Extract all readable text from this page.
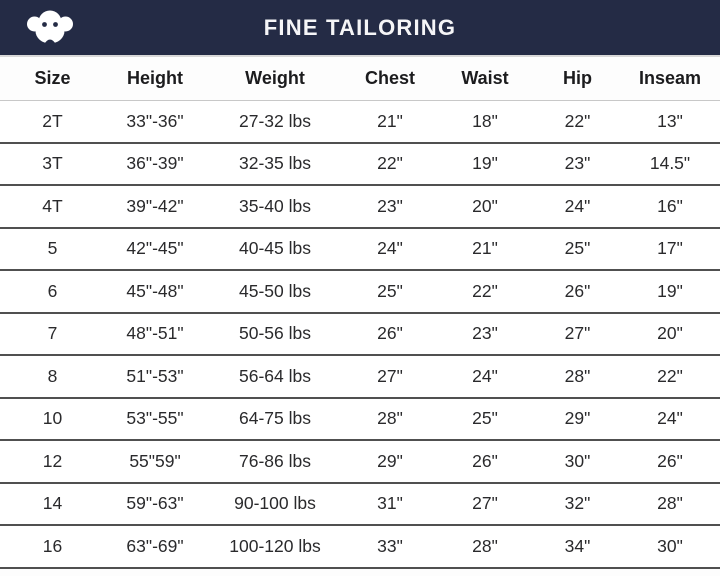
FINE TAILORING
Size	Height	Weight	Chest	Waist	Hip	Inseam
2T	33"-36"	27-32 lbs	21"	18"	22"	13"
3T	36"-39"	32-35 lbs	22"	19"	23"	14.5"
4T	39"-42"	35-40 lbs	23"	20"	24"	16"
5	42"-45"	40-45 lbs	24"	21"	25"	17"
6	45"-48"	45-50 lbs	25"	22"	26"	19"
7	48"-51"	50-56 lbs	26"	23"	27"	20"
8	51"-53"	56-64 lbs	27"	24"	28"	22"
10	53"-55"	64-75 lbs	28"	25"	29"	24"
12	55"59"	76-86 lbs	29"	26"	30"	26"
14	59"-63"	90-100 lbs	31"	27"	32"	28"
16	63"-69"	100-120 lbs	33"	28"	34"	30"
